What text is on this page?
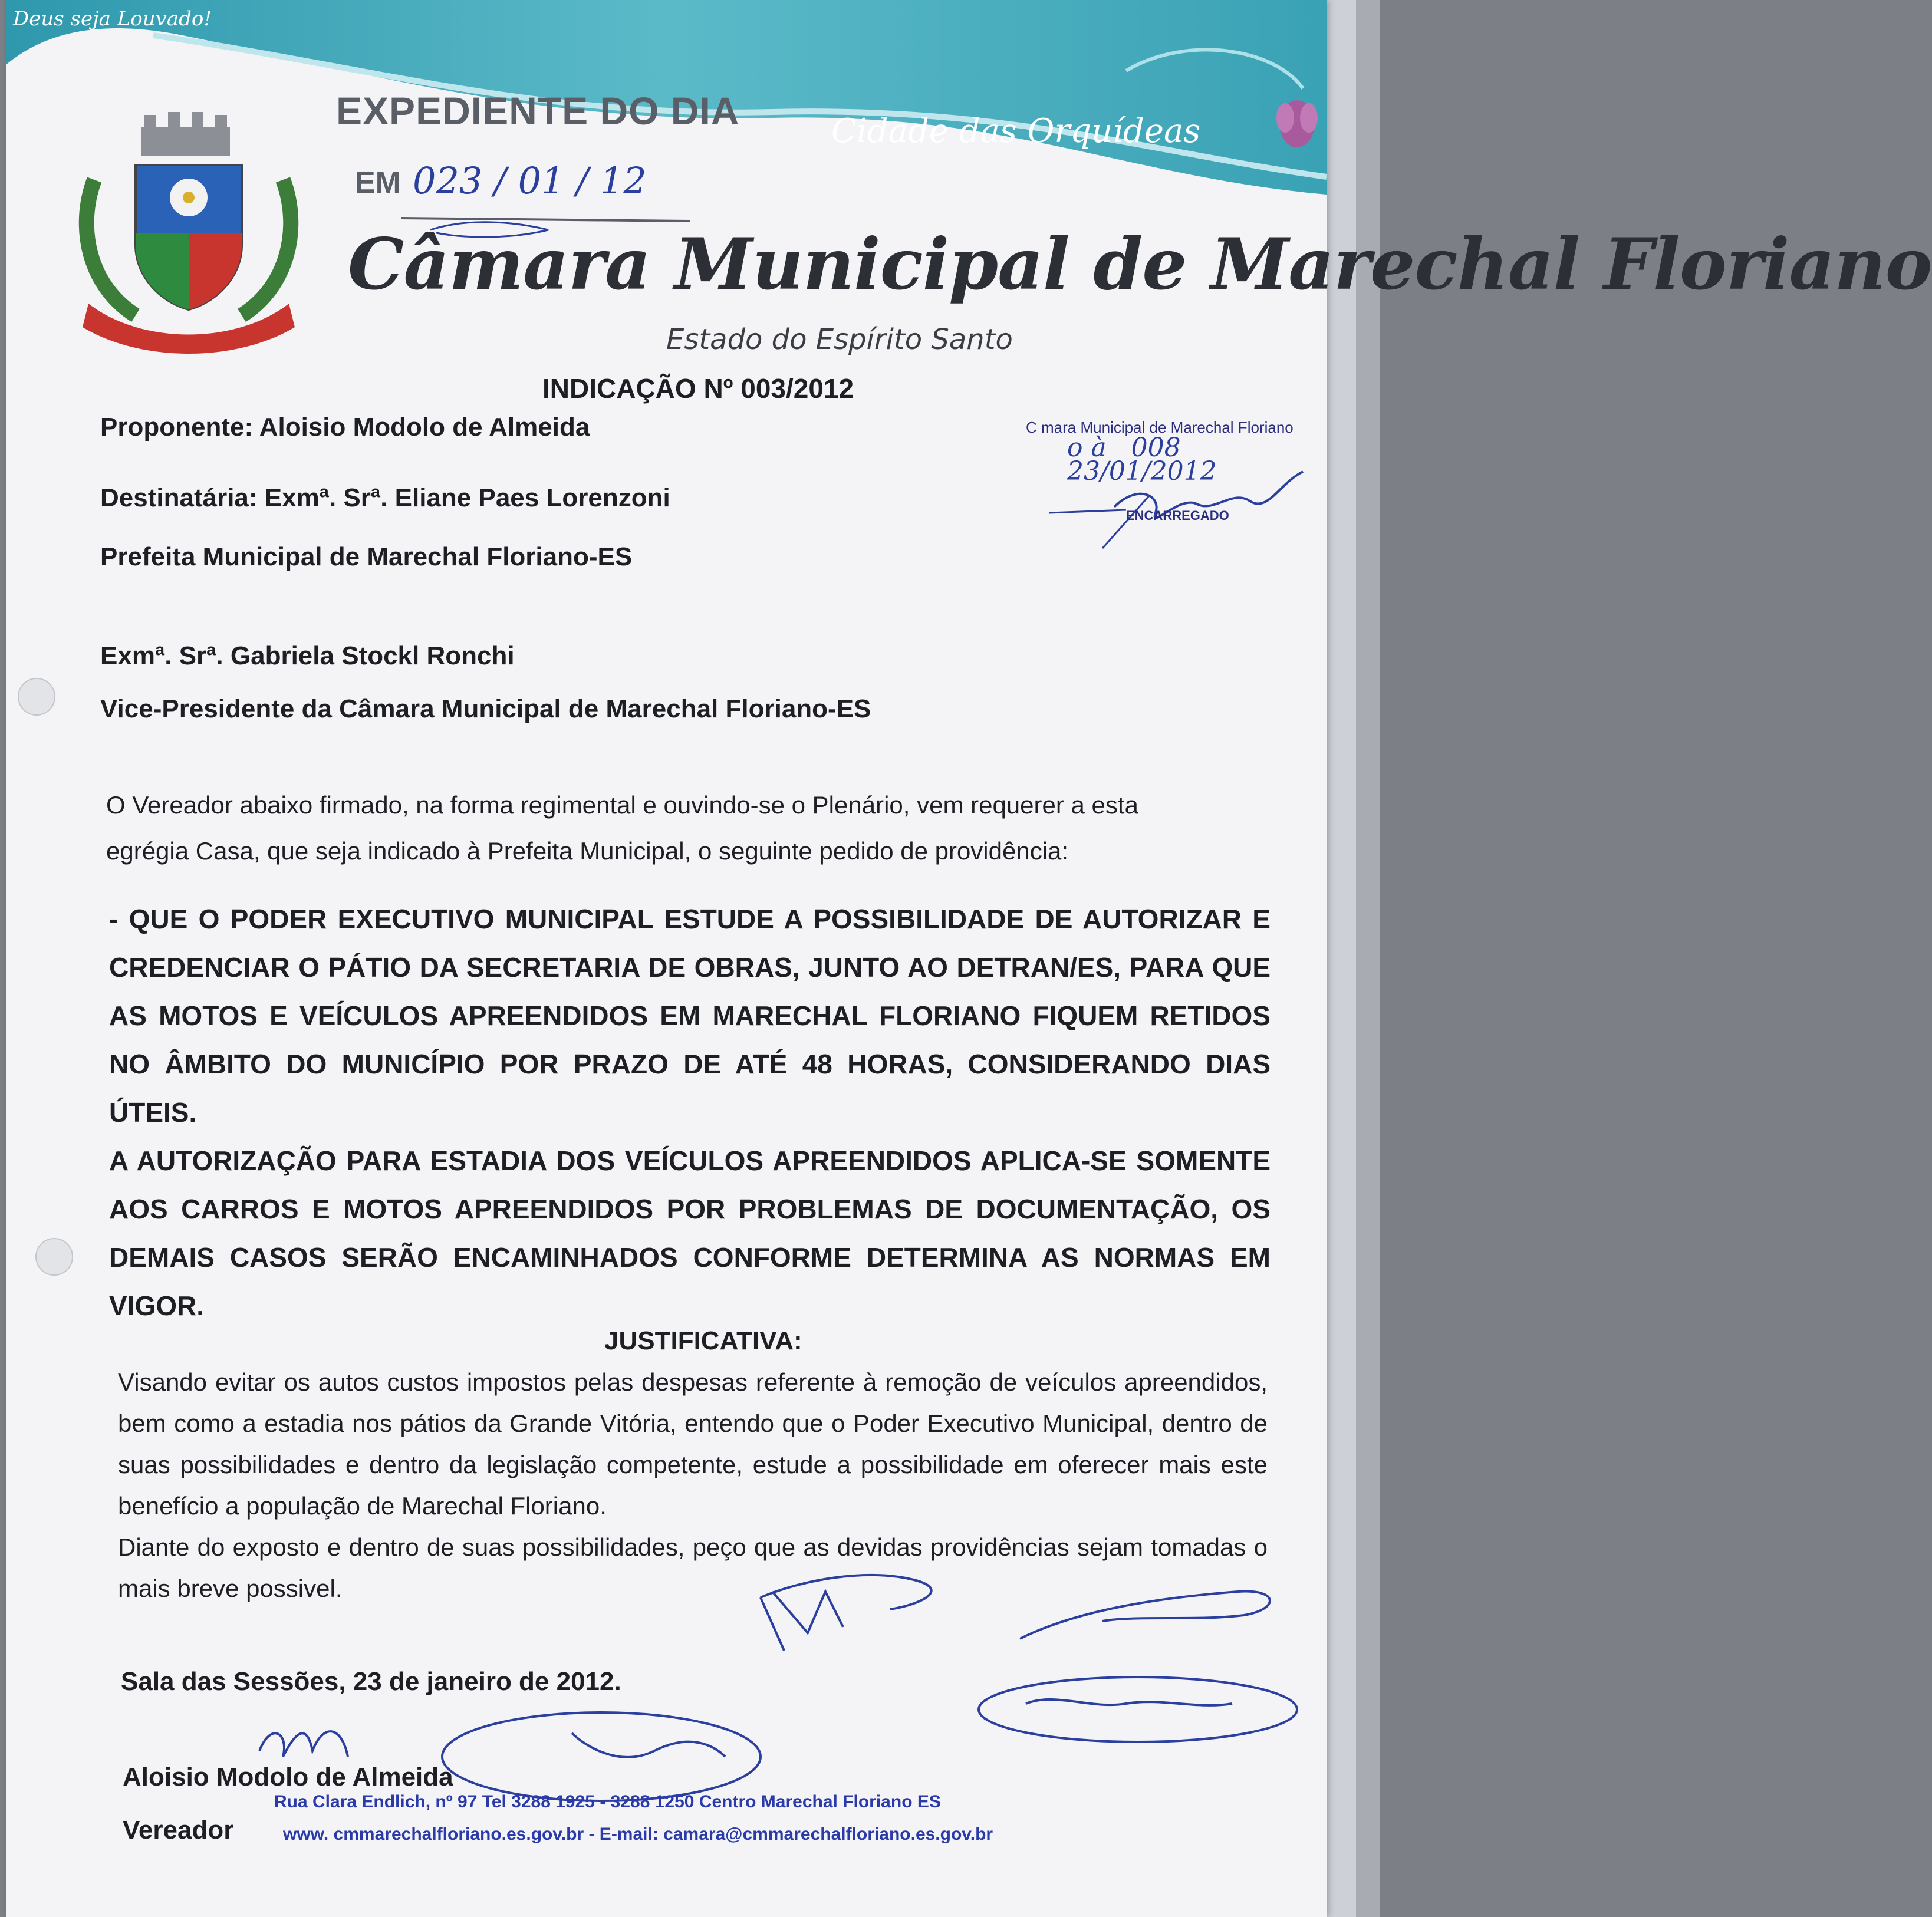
Deus seja Louvado!
EXPEDIENTE DO DIA
EM 023 / 01 / 12
Cidade das Orquídeas
Câmara Municipal de Marechal Floriano
Estado do Espírito Santo
INDICAÇÃO Nº 003/2012
Proponente: Aloisio Modolo de Almeida	C mara Municipal de Marechal Floriano
o à   008
23/01/2012
ENCARREGADO
Destinatária: Exmª. Srª. Eliane Paes Lorenzoni
Prefeita Municipal de Marechal Floriano-ES
Exmª. Srª. Gabriela Stockl Ronchi
Vice-Presidente da Câmara Municipal de Marechal Floriano-ES
O Vereador abaixo firmado, na forma regimental e ouvindo-se o Plenário, vem requerer a esta
egrégia Casa, que seja indicado à Prefeita Municipal, o seguinte pedido de providência:
- QUE O PODER EXECUTIVO MUNICIPAL ESTUDE A POSSIBILIDADE DE AUTORIZAR E CREDENCIAR O PÁTIO DA SECRETARIA DE OBRAS, JUNTO AO DETRAN/ES, PARA QUE AS MOTOS E VEÍCULOS APREENDIDOS EM MARECHAL FLORIANO FIQUEM RETIDOS NO ÂMBITO DO MUNICÍPIO POR PRAZO DE ATÉ 48 HORAS, CONSIDERANDO DIAS ÚTEIS.
A AUTORIZAÇÃO PARA ESTADIA DOS VEÍCULOS APREENDIDOS APLICA-SE SOMENTE AOS CARROS E MOTOS APREENDIDOS POR PROBLEMAS DE DOCUMENTAÇÃO, OS DEMAIS CASOS SERÃO ENCAMINHADOS CONFORME DETERMINA AS NORMAS EM VIGOR.
JUSTIFICATIVA:
Visando evitar os autos custos impostos pelas despesas referente à remoção de veículos apreendidos, bem como a estadia nos pátios da Grande Vitória, entendo que o Poder Executivo Municipal, dentro de suas possibilidades e dentro da legislação competente, estude a possibilidade em oferecer mais este benefício a população de Marechal Floriano.
Diante do exposto e dentro de suas possibilidades, peço que as devidas providências sejam tomadas o mais breve possivel.
Sala das Sessões, 23 de janeiro de 2012.
Aloisio Modolo de Almeida
Vereador
Rua Clara Endlich, nº 97 Tel 3288 1925 - 3288 1250 Centro Marechal Floriano ES
www. cmmarechalfloriano.es.gov.br - E-mail: camara@cmmarechalfloriano.es.gov.br
